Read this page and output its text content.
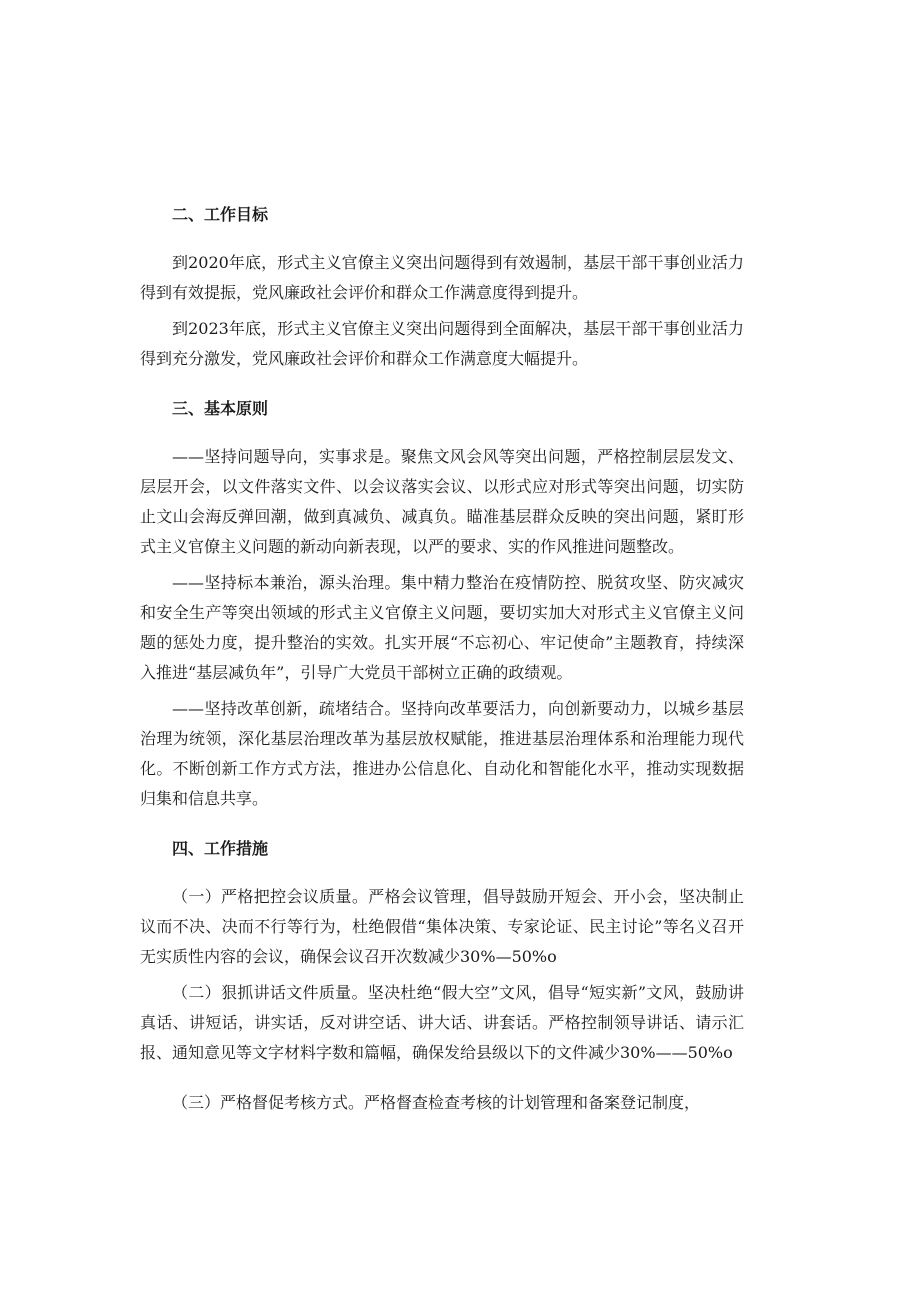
二、工作目标

到2020年底，形式主义官僚主义突出问题得到有效遏制，基层干部干事创业活力得到有效提振，党风廉政社会评价和群众工作满意度得到提升。

到2023年底，形式主义官僚主义突出问题得到全面解决，基层干部干事创业活力得到充分激发，党风廉政社会评价和群众工作满意度大幅提升。

三、基本原则

——坚持问题导向，实事求是。聚焦文风会风等突出问题，严格控制层层发文、层层开会，以文件落实文件、以会议落实会议、以形式应对形式等突出问题，切实防止文山会海反弹回潮，做到真减负、减真负。瞄准基层群众反映的突出问题，紧盯形式主义官僚主义问题的新动向新表现，以严的要求、实的作风推进问题整改。

——坚持标本兼治，源头治理。集中精力整治在疫情防控、脱贫攻坚、防灾减灾和安全生产等突出领域的形式主义官僚主义问题，要切实加大对形式主义官僚主义问题的惩处力度，提升整治的实效。扎实开展“不忘初心、牢记使命”主题教育，持续深入推进“基层减负年”，引导广大党员干部树立正确的政绩观。

——坚持改革创新，疏堵结合。坚持向改革要活力，向创新要动力，以城乡基层治理为统领，深化基层治理改革为基层放权赋能，推进基层治理体系和治理能力现代化。不断创新工作方式方法，推进办公信息化、自动化和智能化水平，推动实现数据归集和信息共享。

四、工作措施

（一）严格把控会议质量。严格会议管理，倡导鼓励开短会、开小会，坚决制止议而不决、决而不行等行为，杜绝假借“集体决策、专家论证、民主讨论”等名义召开无实质性内容的会议，确保会议召开次数减少30%—50%o

（二）狠抓讲话文件质量。坚决杜绝“假大空”文风，倡导“短实新”文风，鼓励讲真话、讲短话，讲实话，反对讲空话、讲大话、讲套话。严格控制领导讲话、请示汇报、通知意见等文字材料字数和篇幅，确保发给县级以下的文件减少30%——50%o

（三）严格督促考核方式。严格督查检查考核的计划管理和备案登记制度，
